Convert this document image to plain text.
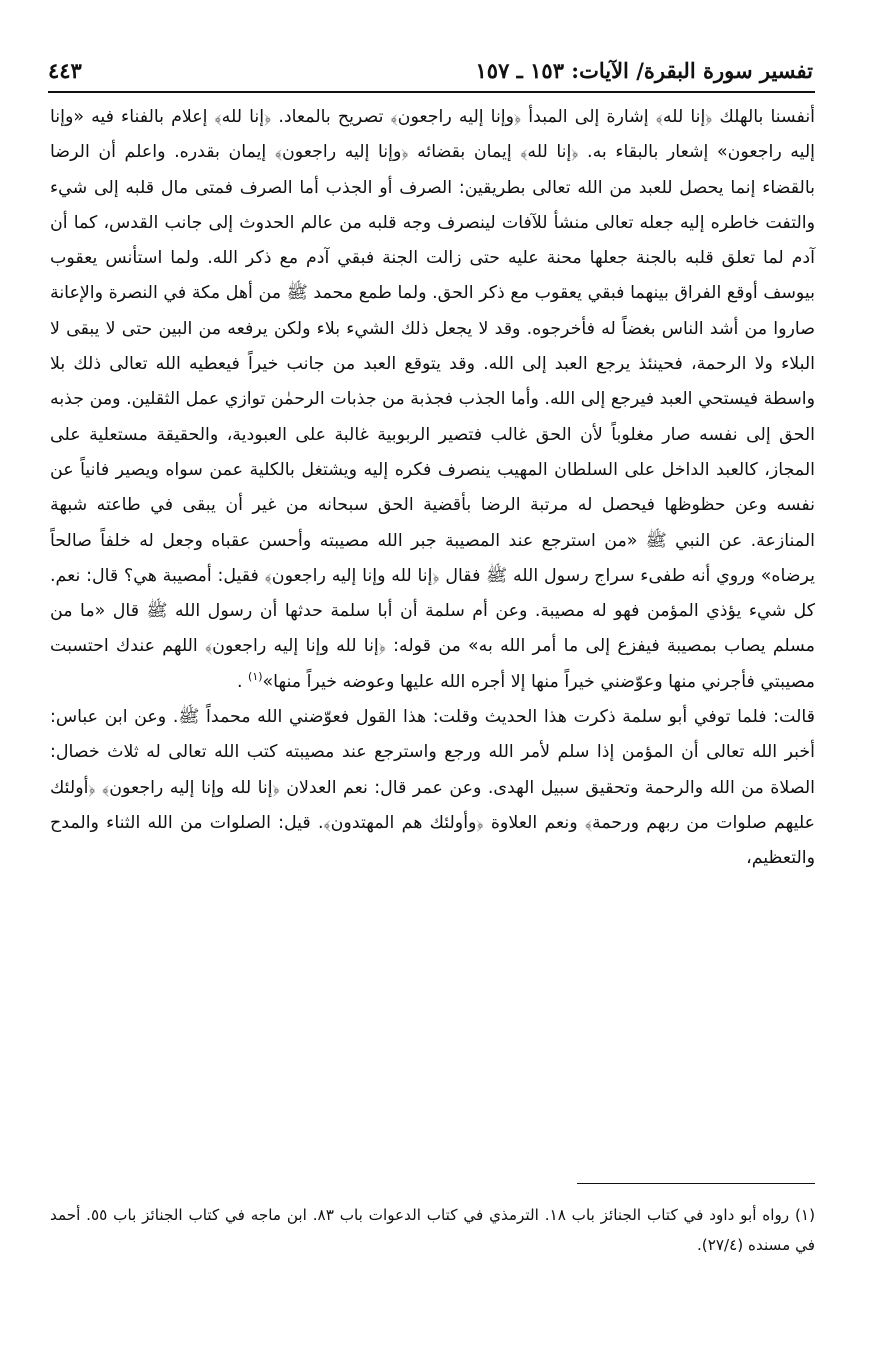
تفسير سورة البقرة/ الآيات: ١٥٣ ـ ١٥٧
٤٤٣

أنفسنا بالهلك ﴿إنا لله﴾ إشارة إلى المبدأ ﴿وإنا إليه راجعون﴾ تصريح بالمعاد. ﴿إنا لله﴾ إعلام بالفناء فيه «وإنا إليه راجعون» إشعار بالبقاء به. ﴿إنا لله﴾ إيمان بقضائه ﴿وإنا إليه راجعون﴾ إيمان بقدره. واعلم أن الرضا بالقضاء إنما يحصل للعبد من الله تعالى بطريقين: الصرف أو الجذب أما الصرف فمتى مال قلبه إلى شيء والتفت خاطره إليه جعله تعالى منشأ للآفات لينصرف وجه قلبه من عالم الحدوث إلى جانب القدس، كما أن آدم لما تعلق قلبه بالجنة جعلها محنة عليه حتى زالت الجنة فبقي آدم مع ذكر الله. ولما استأنس يعقوب بيوسف أوقع الفراق بينهما فبقي يعقوب مع ذكر الحق. ولما طمع محمد ﷺ من أهل مكة في النصرة والإعانة صاروا من أشد الناس بغضاً له فأخرجوه. وقد لا يجعل ذلك الشيء بلاء ولكن يرفعه من البين حتى لا يبقى لا البلاء ولا الرحمة، فحينئذ يرجع العبد إلى الله. وقد يتوقع العبد من جانب خيراً فيعطيه الله تعالى ذلك بلا واسطة فيستحي العبد فيرجع إلى الله. وأما الجذب فجذبة من جذبات الرحمٰن توازي عمل الثقلين. ومن جذبه الحق إلى نفسه صار مغلوباً لأن الحق غالب فتصير الربوبية غالبة على العبودية، والحقيقة مستعلية على المجاز، كالعبد الداخل على السلطان المهيب ينصرف فكره إليه ويشتغل بالكلية عمن سواه ويصير فانياً عن نفسه وعن حظوظها فيحصل له مرتبة الرضا بأقضية الحق سبحانه من غير أن يبقى في طاعته شبهة المنازعة. عن النبي ﷺ «من استرجع عند المصيبة جبر الله مصيبته وأحسن عقباه وجعل له خلفاً صالحاً يرضاه» وروي أنه طفىء سراج رسول الله ﷺ فقال ﴿إنا لله وإنا إليه راجعون﴾ فقيل: أمصيبة هي؟ قال: نعم. كل شيء يؤذي المؤمن فهو له مصيبة. وعن أم سلمة أن أبا سلمة حدثها أن رسول الله ﷺ قال «ما من مسلم يصاب بمصيبة فيفزع إلى ما أمر الله به» من قوله: ﴿إنا لله وإنا إليه راجعون﴾ اللهم عندك احتسبت مصيبتي فأجرني منها وعوّضني خيراً منها إلا أجره الله عليها وعوضه خيراً منها»$^{(١)}$ .

قالت: فلما توفي أبو سلمة ذكرت هذا الحديث وقلت: هذا القول فعوّضني الله محمداً ﷺ. وعن ابن عباس: أخبر الله تعالى أن المؤمن إذا سلم لأمر الله ورجع واسترجع عند مصيبته كتب الله تعالى له ثلاث خصال: الصلاة من الله والرحمة وتحقيق سبيل الهدى. وعن عمر قال: نعم العدلان ﴿إنا لله وإنا إليه راجعون﴾ ﴿أولئك عليهم صلوات من ربهم ورحمة﴾ ونعم العلاوة ﴿وأولئك هم المهتدون﴾. قيل: الصلوات من الله الثناء والمدح والتعظيم،

(١) رواه أبو داود في كتاب الجنائز باب ١٨. الترمذي في كتاب الدعوات باب ٨٣. ابن ماجه في كتاب الجنائز باب ٥٥. أحمد في مسنده (٢٧/٤).
